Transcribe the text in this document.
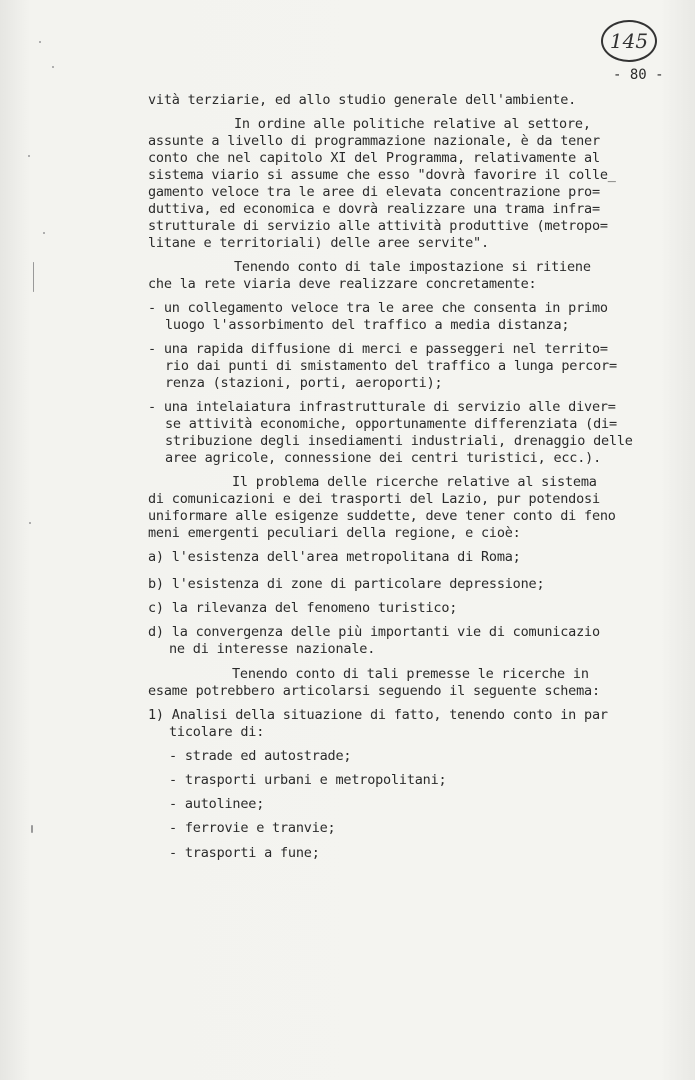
145
- 80 -
vità terziarie, ed allo studio generale dell'ambiente.
In ordine alle politiche relative al settore,
assunte a livello di programmazione nazionale, è da tener
conto che nel capitolo XI del Programma, relativamente al
sistema viario si assume che esso "dovrà favorire il colle_
gamento veloce tra le aree di elevata concentrazione pro=
duttiva, ed economica e dovrà realizzare una trama infra=
strutturale di servizio alle attività produttive (metropo=
litane e territoriali) delle aree servite".
Tenendo conto di tale impostazione si ritiene
che la rete viaria deve realizzare concretamente:
- un collegamento veloce tra le aree che consenta in primo
luogo l'assorbimento del traffico a media distanza;
- una rapida diffusione di merci e passeggeri nel territo=
rio dai punti di smistamento del traffico a lunga percor=
renza (stazioni, porti, aeroporti);
- una intelaiatura infrastrutturale di servizio alle diver=
se attività economiche, opportunamente differenziata (di=
stribuzione degli insediamenti industriali, drenaggio delle
aree agricole, connessione dei centri turistici, ecc.).
Il problema delle ricerche relative al sistema
di comunicazioni e dei trasporti del Lazio, pur potendosi
uniformare alle esigenze suddette, deve tener conto di feno
meni emergenti peculiari della regione, e cioè:
a) l'esistenza dell'area metropolitana di Roma;
b) l'esistenza di zone di particolare depressione;
c) la rilevanza del fenomeno turistico;
d) la convergenza delle più importanti vie di comunicazio
ne di interesse nazionale.
Tenendo conto di tali premesse le ricerche in
esame potrebbero articolarsi seguendo il seguente schema:
1) Analisi della situazione di fatto, tenendo conto in par
ticolare di:
- strade ed autostrade;
- trasporti urbani e metropolitani;
- autolinee;
- ferrovie e tranvie;
- trasporti a fune;
